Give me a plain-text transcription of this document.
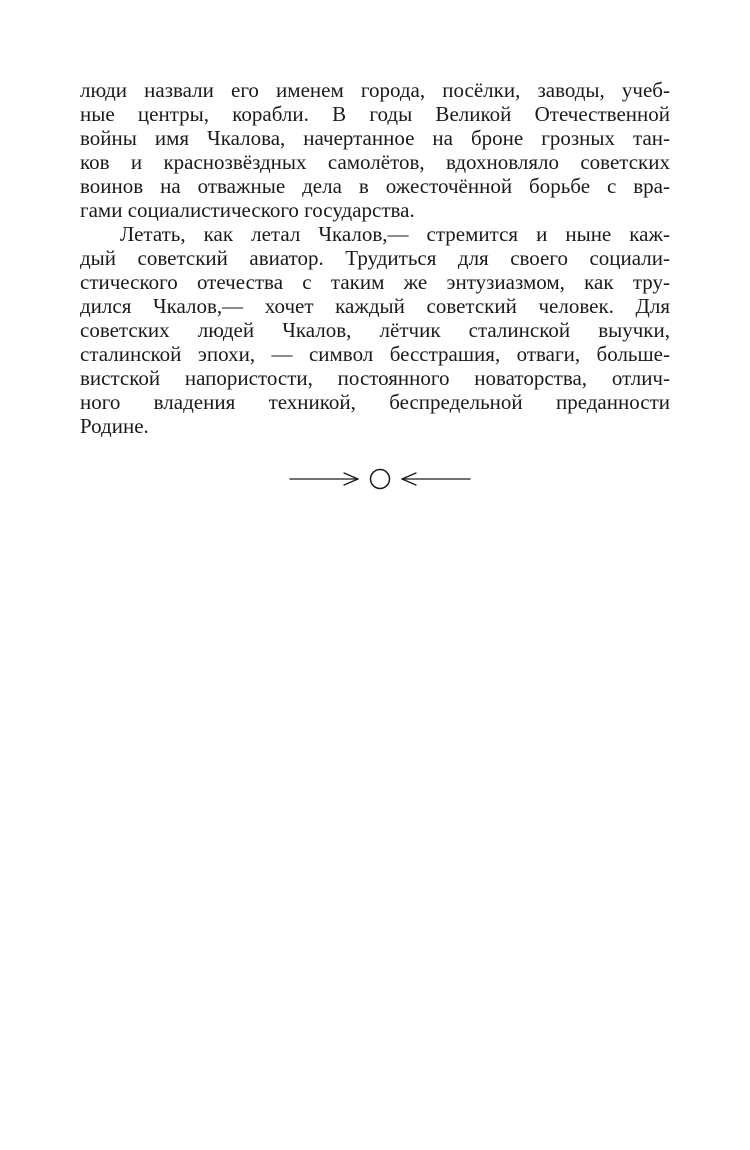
люди назвали его именем города, посёлки, заводы, учеб-
ные центры, корабли. В годы Великой Отечественной
войны имя Чкалова, начертанное на броне грозных тан-
ков и краснозвёздных самолётов, вдохновляло советских
воинов на отважные дела в ожесточённой борьбе с вра-
гами социалистического государства.
Летать, как летал Чкалов,— стремится и ныне каж-
дый советский авиатор. Трудиться для своего социали-
стического отечества с таким же энтузиазмом, как тру-
дился Чкалов,— хочет каждый советский человек. Для
советских людей Чкалов, лётчик сталинской выучки,
сталинской эпохи, — символ бесстрашия, отваги, больше-
вистской напористости, постоянного новаторства, отлич-
ного владения техникой, беспредельной преданности
Родине.
